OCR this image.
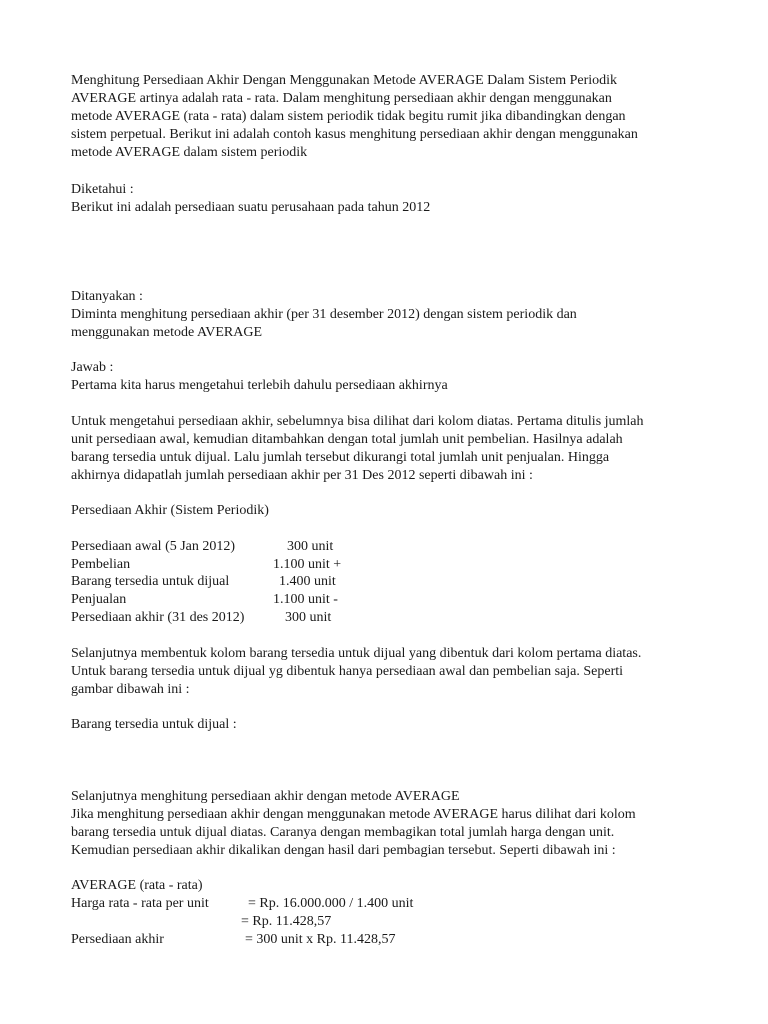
Menghitung Persediaan Akhir Dengan Menggunakan Metode AVERAGE Dalam Sistem Periodik
AVERAGE artinya adalah rata - rata. Dalam menghitung persediaan akhir dengan menggunakan
metode AVERAGE (rata - rata) dalam sistem periodik tidak begitu rumit jika dibandingkan dengan
sistem perpetual. Berikut ini adalah contoh kasus menghitung persediaan akhir dengan menggunakan
metode AVERAGE dalam sistem periodik
Diketahui :
Berikut ini adalah persediaan suatu perusahaan pada tahun 2012
Ditanyakan :
Diminta menghitung persediaan akhir (per 31 desember 2012) dengan sistem periodik dan
menggunakan metode AVERAGE
Jawab :
Pertama kita harus mengetahui terlebih dahulu persediaan akhirnya
Untuk mengetahui persediaan akhir, sebelumnya bisa dilihat dari kolom diatas. Pertama ditulis jumlah
unit persediaan awal, kemudian ditambahkan dengan total jumlah unit pembelian. Hasilnya adalah
barang tersedia untuk dijual. Lalu jumlah tersebut dikurangi total jumlah unit penjualan. Hingga
akhirnya didapatlah jumlah persediaan akhir per 31 Des 2012 seperti dibawah ini :
Persediaan Akhir (Sistem Periodik)
Persediaan awal (5 Jan 2012)	300 unit
Pembelian	1.100 unit +
Barang tersedia untuk dijual	1.400 unit
Penjualan	1.100 unit -
Persediaan akhir (31 des 2012)	300 unit
Selanjutnya membentuk kolom barang tersedia untuk dijual yang dibentuk dari kolom pertama diatas.
Untuk barang tersedia untuk dijual yg dibentuk hanya persediaan awal dan pembelian saja. Seperti
gambar dibawah ini :
Barang tersedia untuk dijual :
Selanjutnya menghitung persediaan akhir dengan metode AVERAGE
Jika menghitung persediaan akhir dengan menggunakan metode AVERAGE harus dilihat dari kolom
barang tersedia untuk dijual diatas. Caranya dengan membagikan total jumlah harga dengan unit.
Kemudian persediaan akhir dikalikan dengan hasil dari pembagian tersebut. Seperti dibawah ini :
AVERAGE (rata - rata)
Harga rata - rata per unit	= Rp. 16.000.000 / 1.400 unit
= Rp. 11.428,57
Persediaan akhir	= 300 unit x Rp. 11.428,57
